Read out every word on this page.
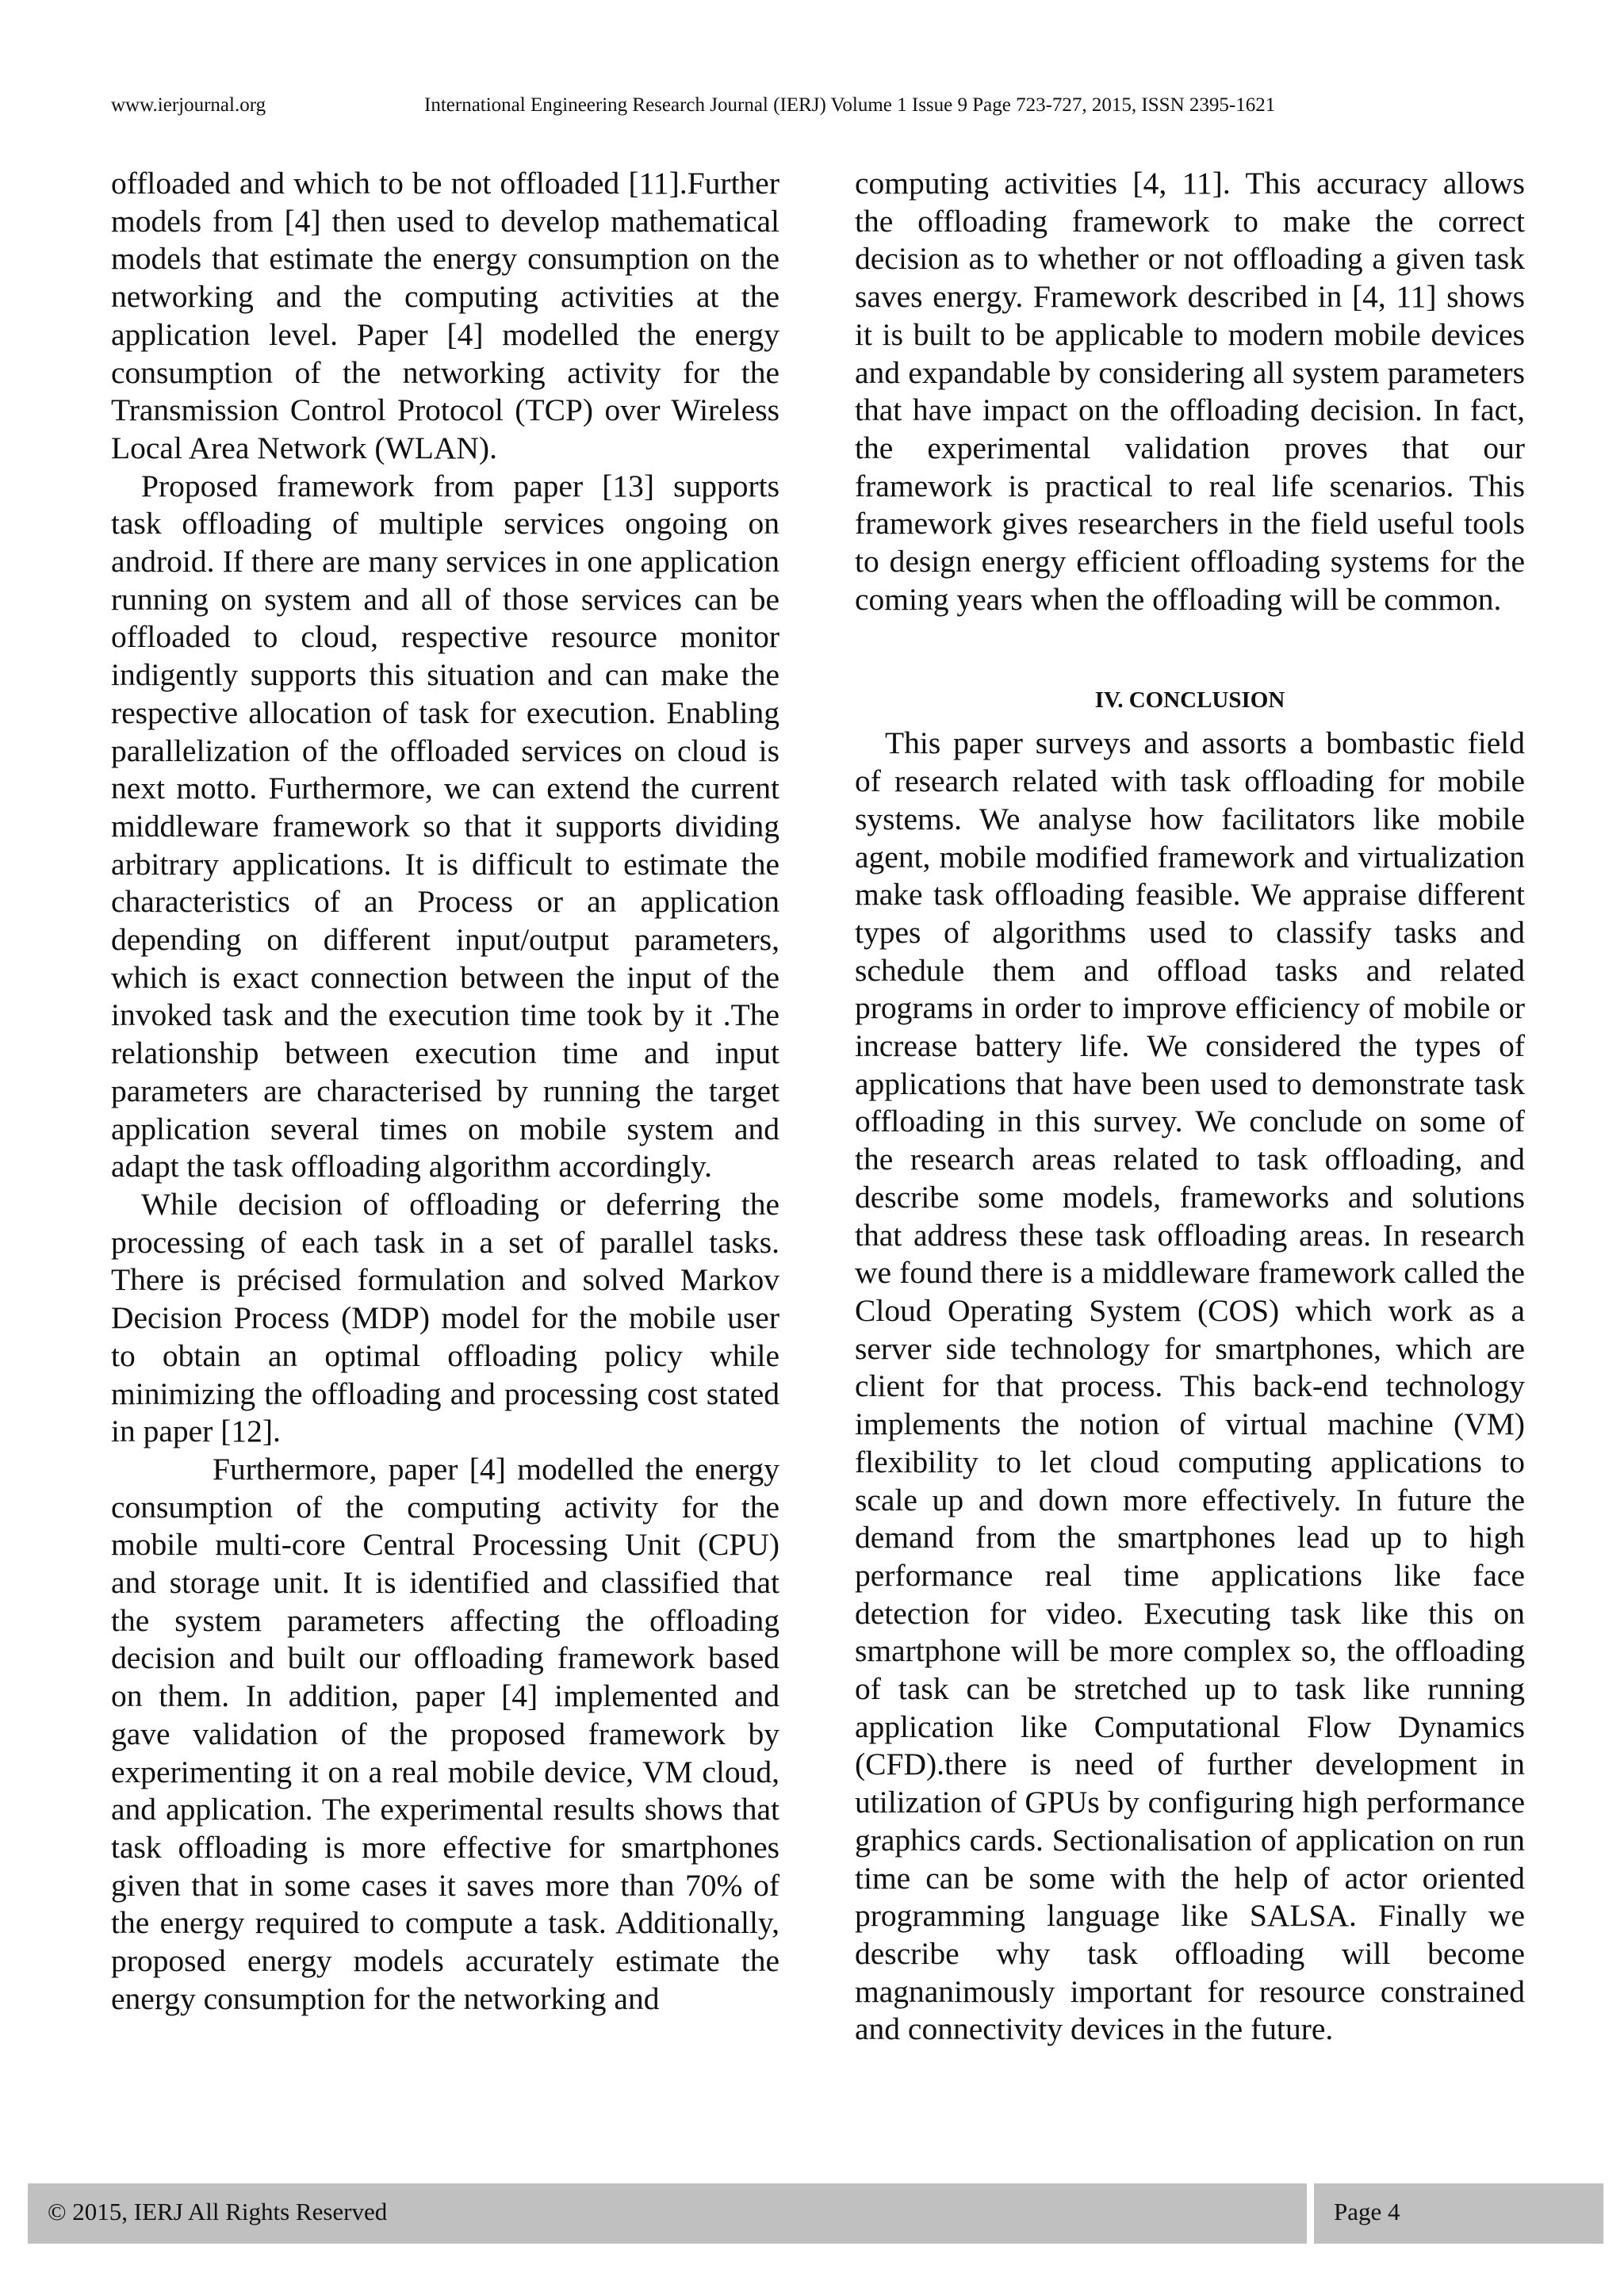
www.ierjournal.org	International Engineering Research Journal (IERJ) Volume 1 Issue 9 Page 723-727, 2015, ISSN 2395-1621

offloaded and which to be not offloaded [11].Further models from [4] then used to develop mathematical models that estimate the energy consumption on the networking and the computing activities at the application level. Paper [4] modelled the energy consumption of the networking activity for the Transmission Control Protocol (TCP) over Wireless Local Area Network (WLAN).

Proposed framework from paper [13] supports task offloading of multiple services ongoing on android. If there are many services in one application running on system and all of those services can be offloaded to cloud, respective resource monitor indigently supports this situation and can make the respective allocation of task for execution. Enabling parallelization of the offloaded services on cloud is next motto. Furthermore, we can extend the current middleware framework so that it supports dividing arbitrary applications. It is difficult to estimate the characteristics of an Process or an application depending on different input/output parameters, which is exact connection between the input of the invoked task and the execution time took by it .The relationship between execution time and input parameters are characterised by running the target application several times on mobile system and adapt the task offloading algorithm accordingly.

While decision of offloading or deferring the processing of each task in a set of parallel tasks. There is précised formulation and solved Markov Decision Process (MDP) model for the mobile user to obtain an optimal offloading policy while minimizing the offloading and processing cost stated in paper [12].

Furthermore, paper [4] modelled the energy consumption of the computing activity for the mobile multi-core Central Processing Unit (CPU) and storage unit. It is identified and classified that the system parameters affecting the offloading decision and built our offloading framework based on them. In addition, paper [4] implemented and gave validation of the proposed framework by experimenting it on a real mobile device, VM cloud, and application. The experimental results shows that task offloading is more effective for smartphones given that in some cases it saves more than 70% of the energy required to compute a task. Additionally, proposed energy models accurately estimate the energy consumption for the networking and

computing activities [4, 11]. This accuracy allows the offloading framework to make the correct decision as to whether or not offloading a given task saves energy. Framework described in [4, 11] shows it is built to be applicable to modern mobile devices and expandable by considering all system parameters that have impact on the offloading decision. In fact, the experimental validation proves that our framework is practical to real life scenarios. This framework gives researchers in the field useful tools to design energy efficient offloading systems for the coming years when the offloading will be common.

IV. CONCLUSION

This paper surveys and assorts a bombastic field of research related with task offloading for mobile systems. We analyse how facilitators like mobile agent, mobile modified framework and virtualization make task offloading feasible. We appraise different types of algorithms used to classify tasks and schedule them and offload tasks and related programs in order to improve efficiency of mobile or increase battery life. We considered the types of applications that have been used to demonstrate task offloading in this survey. We conclude on some of the research areas related to task offloading, and describe some models, frameworks and solutions that address these task offloading areas. In research we found there is a middleware framework called the Cloud Operating System (COS) which work as a server side technology for smartphones, which are client for that process. This back-end technology implements the notion of virtual machine (VM) flexibility to let cloud computing applications to scale up and down more effectively. In future the demand from the smartphones lead up to high performance real time applications like face detection for video. Executing task like this on smartphone will be more complex so, the offloading of task can be stretched up to task like running application like Computational Flow Dynamics (CFD).there is need of further development in utilization of GPUs by configuring high performance graphics cards. Sectionalisation of application on run time can be some with the help of actor oriented programming language like SALSA. Finally we describe why task offloading will become magnanimously important for resource constrained and connectivity devices in the future.

© 2015, IERJ All Rights Reserved	Page 4
